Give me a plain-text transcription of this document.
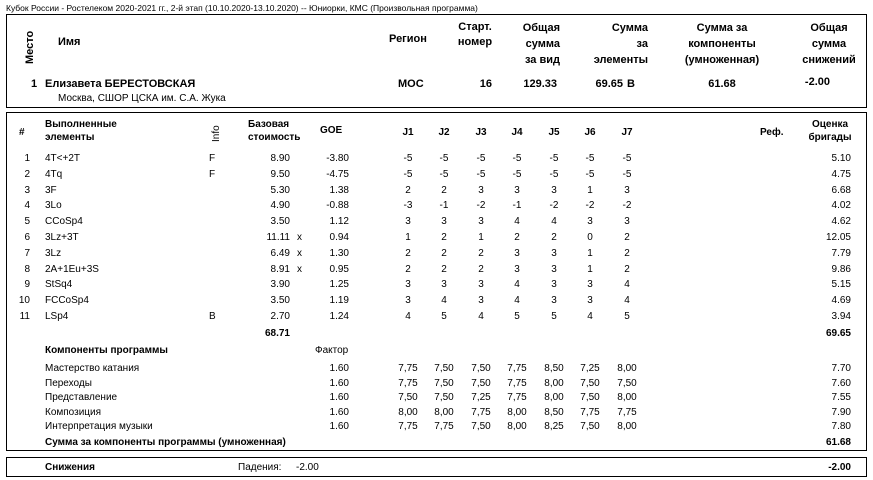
Кубок России - Ростелеком 2020-2021 гг., 2-й этап (10.10.2020-13.10.2020) -- Юниорки, КМС (Произвольная программа)
Место Имя	Регион
Старт.
номер
Общая
сумма
за вид
Сумма
за
элементы
Сумма за
компоненты
(умноженная)
Общая
сумма
снижений
1 Елизавета БЕРЕСТОВСКАЯ
Москва, СШОР ЦСКА им. С.А. Жука
МОС	16	129.33	69.65 B	61.68	-2.00
#
Выполненные
элементы	Info
Базовая
стоимость
GOE	J1	J2	J3	J4	J5	J6	J7	Реф.
Оценка
бригады
1 4T<+2T	F	8.90	-3.80	-5	-5	-5	-5	-5	-5	-5	5.10
2 4Tq	F	9.50	-4.75	-5	-5	-5	-5	-5	-5	-5	4.75
3 3F	5.30	1.38	2	2	3	3	3	1	3	6.68
4 3Lo	4.90	-0.88	-3	-1	-2	-1	-2	-2	-2	4.02
5 CCoSp4	3.50	1.12	3	3	3	4	4	3	3	4.62
6 3Lz+3T	11.11 x	0.94	1	2	1	2	2	0	2	12.05
7 3Lz	6.49 x	1.30	2	2	2	3	3	1	2	7.79
8 2A+1Eu+3S	8.91 x	0.95	2	2	2	3	3	1	2	9.86
9 StSq4	3.90	1.25	3	3	3	4	3	3	4	5.15
10 FCCoSp4	3.50	1.19	3	4	3	4	3	3	4	4.69
11 LSp4	B	2.70	1.24	4	5	4	5	5	4	5	3.94
68.71	69.65
Компоненты программы	Фактор
Мастерство катания	1.60	7,75	7,50	7,50	7,75	8,50	7,25	8,00	7.70
Переходы	1.60	7,75	7,50	7,50	7,75	8,00	7,50	7,50	7.60
Представление	1.60	7,50	7,50	7,25	7,75	8,00	7,50	8,00	7.55
Композиция	1.60	8,00	8,00	7,75	8,00	8,50	7,75	7,75	7.90
Интерпретация музыки	1.60	7,75	7,75	7,50	8,00	8,25	7,50	8,00	7.80
Сумма за компоненты программы (умноженная)	61.68
Снижения	Падения: -2.00	-2.00
